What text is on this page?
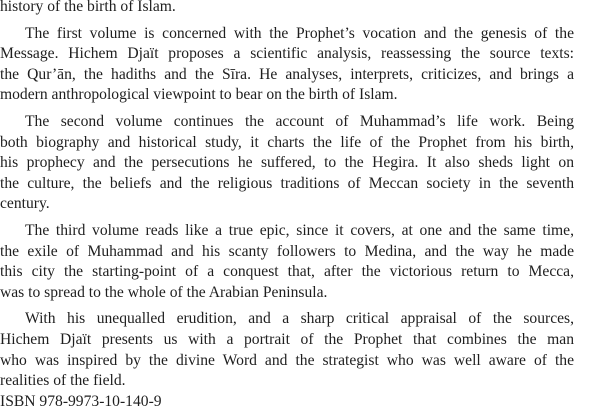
history of the birth of Islam.
The first volume is concerned with the Prophet’s vocation and the genesis of the
Message. Hichem Djaït proposes a scientific analysis, reassessing the source texts:
the Qur’ān, the hadiths and the Sīra. He analyses, interprets, criticizes, and brings a
modern anthropological viewpoint to bear on the birth of Islam.
The second volume continues the account of Muhammad’s life work. Being
both biography and historical study, it charts the life of the Prophet from his birth,
his prophecy and the persecutions he suffered, to the Hegira. It also sheds light on
the culture, the beliefs and the religious traditions of Meccan society in the seventh
century.
The third volume reads like a true epic, since it covers, at one and the same time,
the exile of Muhammad and his scanty followers to Medina, and the way he made
this city the starting-point of a conquest that, after the victorious return to Mecca,
was to spread to the whole of the Arabian Peninsula.
With his unequalled erudition, and a sharp critical appraisal of the sources,
Hichem Djaït presents us with a portrait of the Prophet that combines the man
who was inspired by the divine Word and the strategist who was well aware of the
realities of the field.
ISBN 978-9973-10-140-9
